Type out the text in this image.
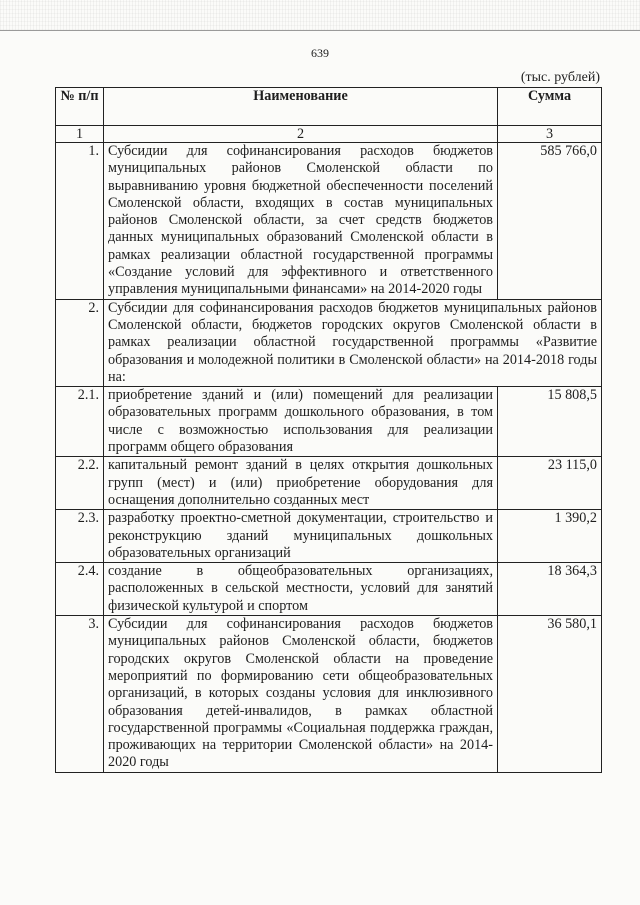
639
(тыс. рублей)
№ п/п	Наименование	Сумма
1	2	3
1.	Субсидии для софинансирования расходов бюджетов муниципальных районов Смоленской области по выравниванию уровня бюджетной обеспеченности поселений Смоленской области, входящих в состав муниципальных районов Смоленской области, за счет средств бюджетов данных муниципальных образований Смоленской области в рамках реализации областной государственной программы «Создание условий для эффективного и ответственного управления муниципальными финансами» на 2014-2020 годы	585 766,0
2.	Субсидии для софинансирования расходов бюджетов муниципальных районов Смоленской области, бюджетов городских округов Смоленской области в рамках реализации областной государственной программы «Развитие образования и молодежной политики в Смоленской области» на 2014-2018 годы на:	
2.1.	приобретение зданий и (или) помещений для реализации образовательных программ дошкольного образования, в том числе с возможностью использования для реализации программ общего образования	15 808,5
2.2.	капитальный ремонт зданий в целях открытия дошкольных групп (мест) и (или) приобретение оборудования для оснащения дополнительно созданных мест	23 115,0
2.3.	разработку проектно-сметной документации, строительство и реконструкцию зданий муниципальных дошкольных образовательных организаций	1 390,2
2.4.	создание в общеобразовательных организациях, расположенных в сельской местности, условий для занятий физической культурой и спортом	18 364,3
3.	Субсидии для софинансирования расходов бюджетов муниципальных районов Смоленской области, бюджетов городских округов Смоленской области на проведение мероприятий по формированию сети общеобразовательных организаций, в которых созданы условия для инклюзивного образования детей-инвалидов, в рамках областной государственной программы «Социальная поддержка граждан, проживающих на территории Смоленской области» на 2014-2020 годы	36 580,1
